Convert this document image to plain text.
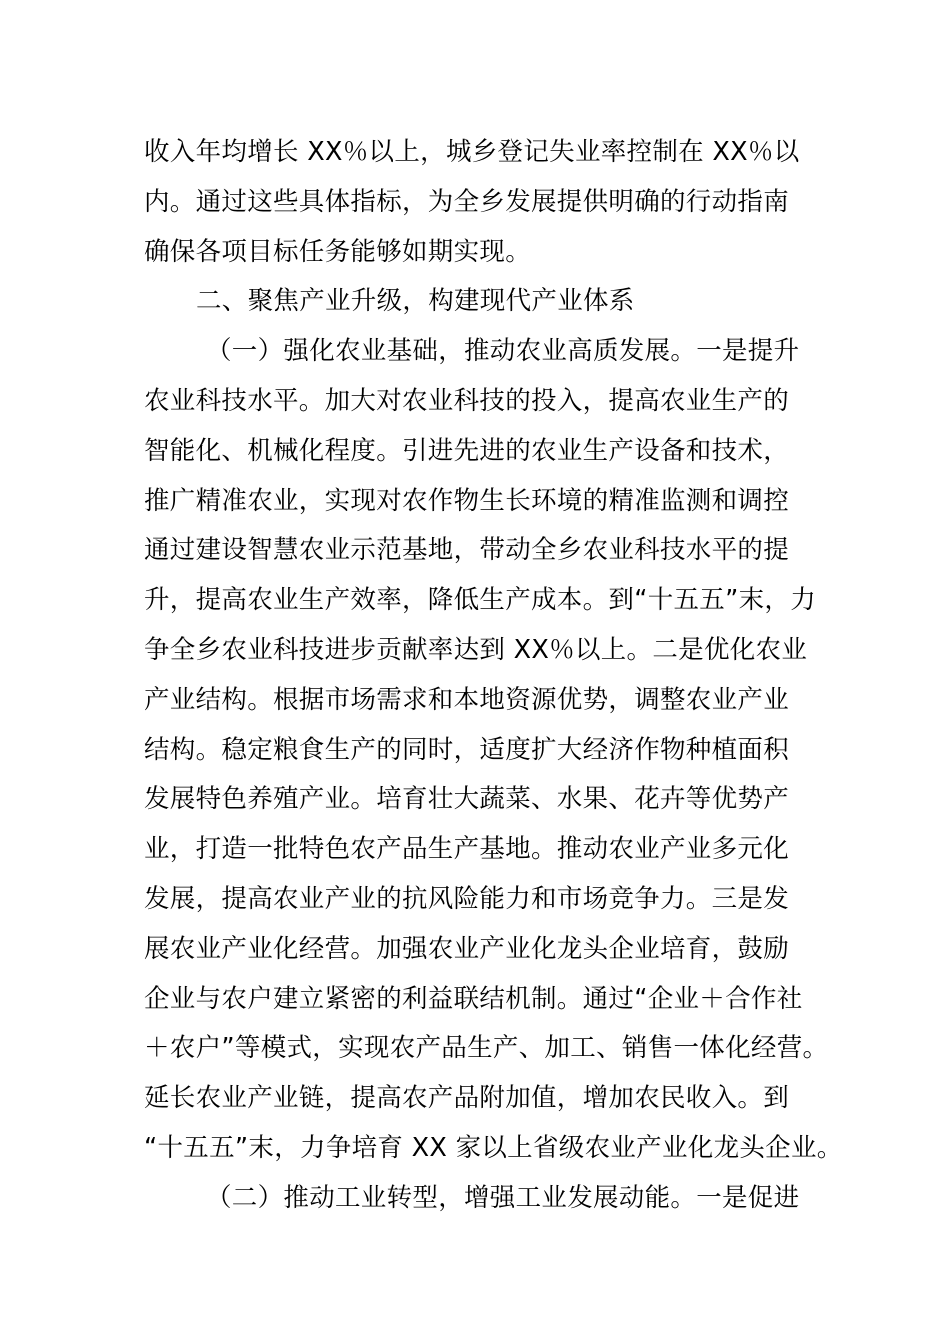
收入年均增长 XX％以上，城乡登记失业率控制在 XX％以
内。通过这些具体指标，为全乡发展提供明确的行动指南
确保各项目标任务能够如期实现。
二、聚焦产业升级，构建现代产业体系
（一）强化农业基础，推动农业高质发展。一是提升
农业科技水平。加大对农业科技的投入，提高农业生产的
智能化、机械化程度。引进先进的农业生产设备和技术，
推广精准农业，实现对农作物生长环境的精准监测和调控
通过建设智慧农业示范基地，带动全乡农业科技水平的提
升，提高农业生产效率，降低生产成本。到“十五五”末，力
争全乡农业科技进步贡献率达到 XX％以上。二是优化农业
产业结构。根据市场需求和本地资源优势，调整农业产业
结构。稳定粮食生产的同时，适度扩大经济作物种植面积
发展特色养殖产业。培育壮大蔬菜、水果、花卉等优势产
业，打造一批特色农产品生产基地。推动农业产业多元化
发展，提高农业产业的抗风险能力和市场竞争力。三是发
展农业产业化经营。加强农业产业化龙头企业培育，鼓励
企业与农户建立紧密的利益联结机制。通过“企业＋合作社
＋农户”等模式，实现农产品生产、加工、销售一体化经营。
延长农业产业链，提高农产品附加值，增加农民收入。到
“十五五”末，力争培育 XX 家以上省级农业产业化龙头企业。
（二）推动工业转型，增强工业发展动能。一是促进
